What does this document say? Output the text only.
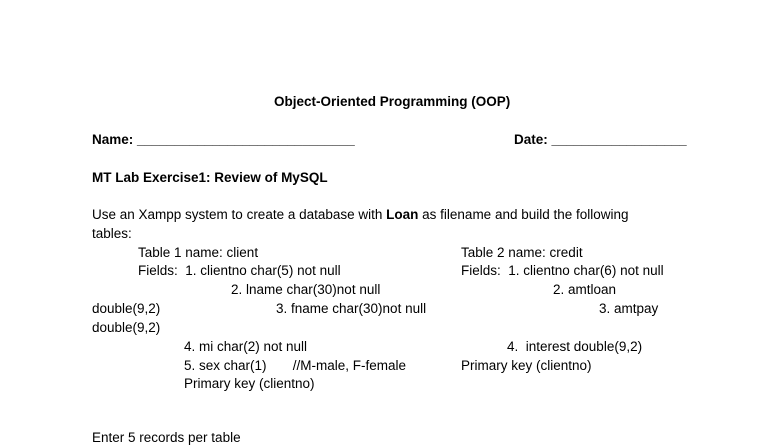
Object-Oriented Programming (OOP)
Name: _____________________________	Date: __________________
MT Lab Exercise1: Review of MySQL
Use an Xampp system to create a database with Loan as filename and build the following
tables:
Table 1 name: client
Fields:  1. clientno char(5) not null
2. lname char(30)not null
3. fname char(30)not null
4. mi char(2) not null
5. sex char(1)       //M-male, F-female
Primary key (clientno)
double(9,2)
double(9,2)
Table 2 name: credit
Fields:  1. clientno char(6) not null
2. amtloan
3. amtpay
4.  interest double(9,2)
Primary key (clientno)
Enter 5 records per table
